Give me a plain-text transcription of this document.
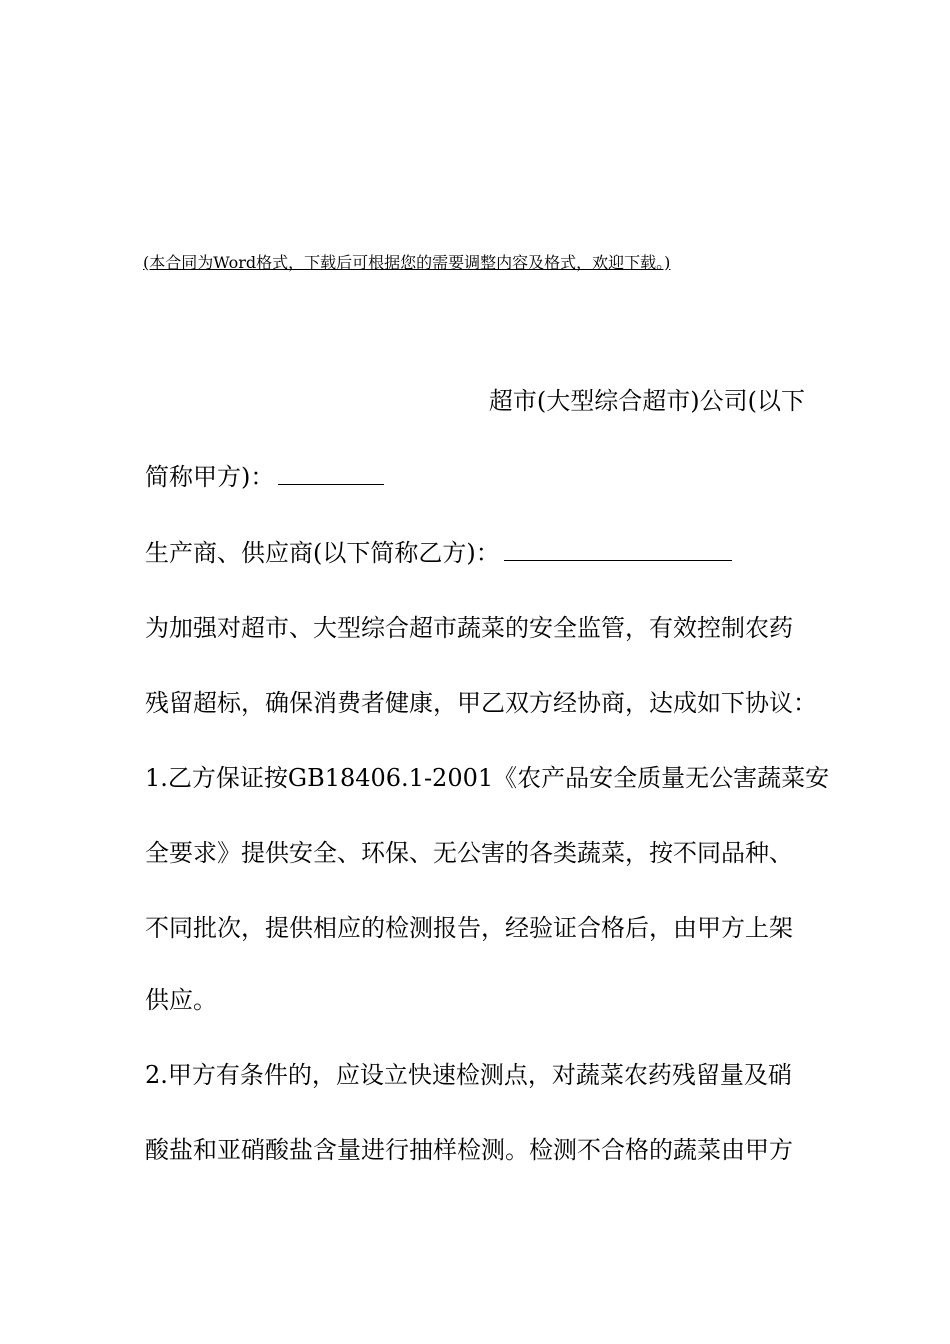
(本合同为Word格式，下载后可根据您的需要调整内容及格式，欢迎下载。)
超市(大型综合超市)公司(以下
简称甲方)：
生产商、供应商(以下简称乙方)：
为加强对超市、大型综合超市蔬菜的安全监管，有效控制农药
残留超标，确保消费者健康，甲乙双方经协商，达成如下协议：
1.乙方保证按GB18406.1-2001《农产品安全质量无公害蔬菜安
全要求》提供安全、环保、无公害的各类蔬菜，按不同品种、
不同批次，提供相应的检测报告，经验证合格后，由甲方上架
供应。
2.甲方有条件的，应设立快速检测点，对蔬菜农药残留量及硝
酸盐和亚硝酸盐含量进行抽样检测。检测不合格的蔬菜由甲方
